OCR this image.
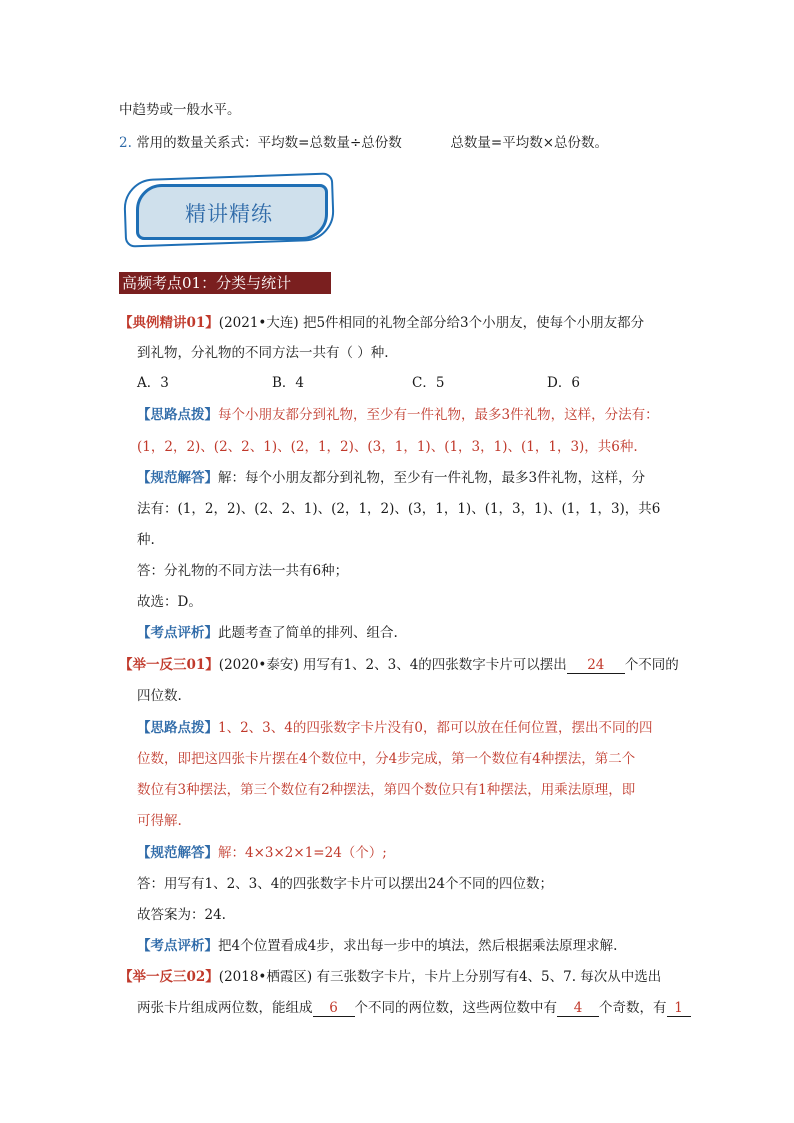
中趋势或一般水平。
2. 常用的数量关系式：平均数=总数量÷总份数	总数量=平均数×总份数。
精讲精练
高频考点01：分类与统计
【典例精讲01】(2021•大连) 把5件相同的礼物全部分给3个小朋友，使每个小朋友都分
到礼物，分礼物的不同方法一共有（ ）种.
A．3	B．4	C．5	D．6
【思路点拨】每个小朋友都分到礼物，至少有一件礼物，最多3件礼物，这样，分法有：
(1，2，2)、(2、2、1)、(2，1，2)、(3，1，1)、(1，3，1)、(1，1，3)，共6种.
【规范解答】解：每个小朋友都分到礼物，至少有一件礼物，最多3件礼物，这样，分
法有：(1，2，2)、(2、2、1)、(2，1，2)、(3，1，1)、(1，3，1)、(1，1，3)，共6
种.
答：分礼物的不同方法一共有6种；
故选：D。
【考点评析】此题考查了简单的排列、组合.
【举一反三01】(2020•泰安) 用写有1、2、3、4的四张数字卡片可以摆出 24 个不同的
四位数.
【思路点拨】1、2、3、4的四张数字卡片没有0，都可以放在任何位置，摆出不同的四
位数，即把这四张卡片摆在4个数位中，分4步完成，第一个数位有4种摆法，第二个
数位有3种摆法，第三个数位有2种摆法，第四个数位只有1种摆法，用乘法原理，即
可得解.
【规范解答】解：4×3×2×1=24（个）;
答：用写有1、2、3、4的四张数字卡片可以摆出24个不同的四位数；
故答案为：24.
【考点评析】把4个位置看成4步，求出每一步中的填法，然后根据乘法原理求解.
【举一反三02】(2018•栖霞区) 有三张数字卡片，卡片上分别写有4、5、7. 每次从中选出
两张卡片组成两位数，能组成 6 个不同的两位数，这些两位数中有 4 个奇数，有 1
